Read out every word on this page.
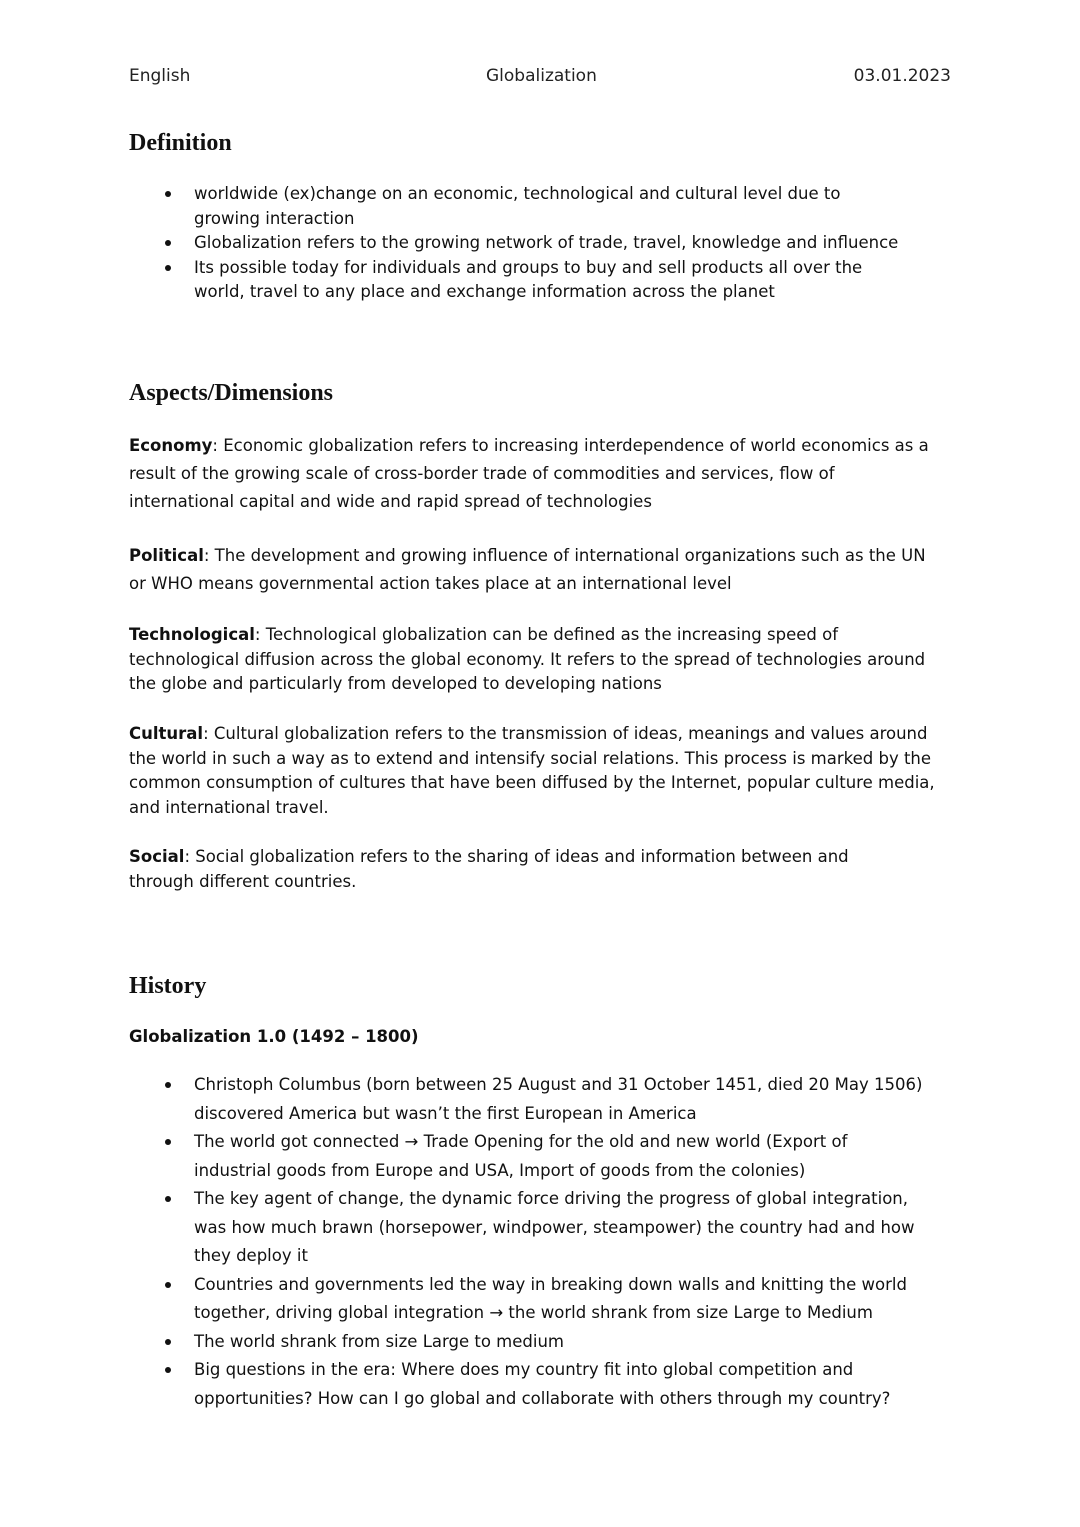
English	Globalization	03.01.2023
Definition
worldwide (ex)change on an economic, technological and cultural level due to growing interaction
Globalization refers to the growing network of trade, travel, knowledge and influence
Its possible today for individuals and groups to buy and sell products all over the world, travel to any place and exchange information across the planet
Aspects/Dimensions

Economy: Economic globalization refers to increasing interdependence of world economics as a result of the growing scale of cross-border trade of commodities and services, flow of international capital and wide and rapid spread of technologies

Political: The development and growing influence of international organizations such as the UN or WHO means governmental action takes place at an international level

Technological: Technological globalization can be defined as the increasing speed of technological diffusion across the global economy. It refers to the spread of technologies around the globe and particularly from developed to developing nations

Cultural: Cultural globalization refers to the transmission of ideas, meanings and values around the world in such a way as to extend and intensify social relations. This process is marked by the common consumption of cultures that have been diffused by the Internet, popular culture media, and international travel.

Social: Social globalization refers to the sharing of ideas and information between and through different countries.

History

Globalization 1.0 (1492 – 1800)

Christoph Columbus (born between 25 August and 31 October 1451, died 20 May 1506) discovered America but wasn’t the first European in America
The world got connected → Trade Opening for the old and new world (Export of industrial goods from Europe and USA, Import of goods from the colonies)
The key agent of change, the dynamic force driving the progress of global integration, was how much brawn (horsepower, windpower, steampower) the country had and how they deploy it
Countries and governments led the way in breaking down walls and knitting the world together, driving global integration → the world shrank from size Large to Medium
The world shrank from size Large to medium
Big questions in the era: Where does my country fit into global competition and opportunities? How can I go global and collaborate with others through my country?
